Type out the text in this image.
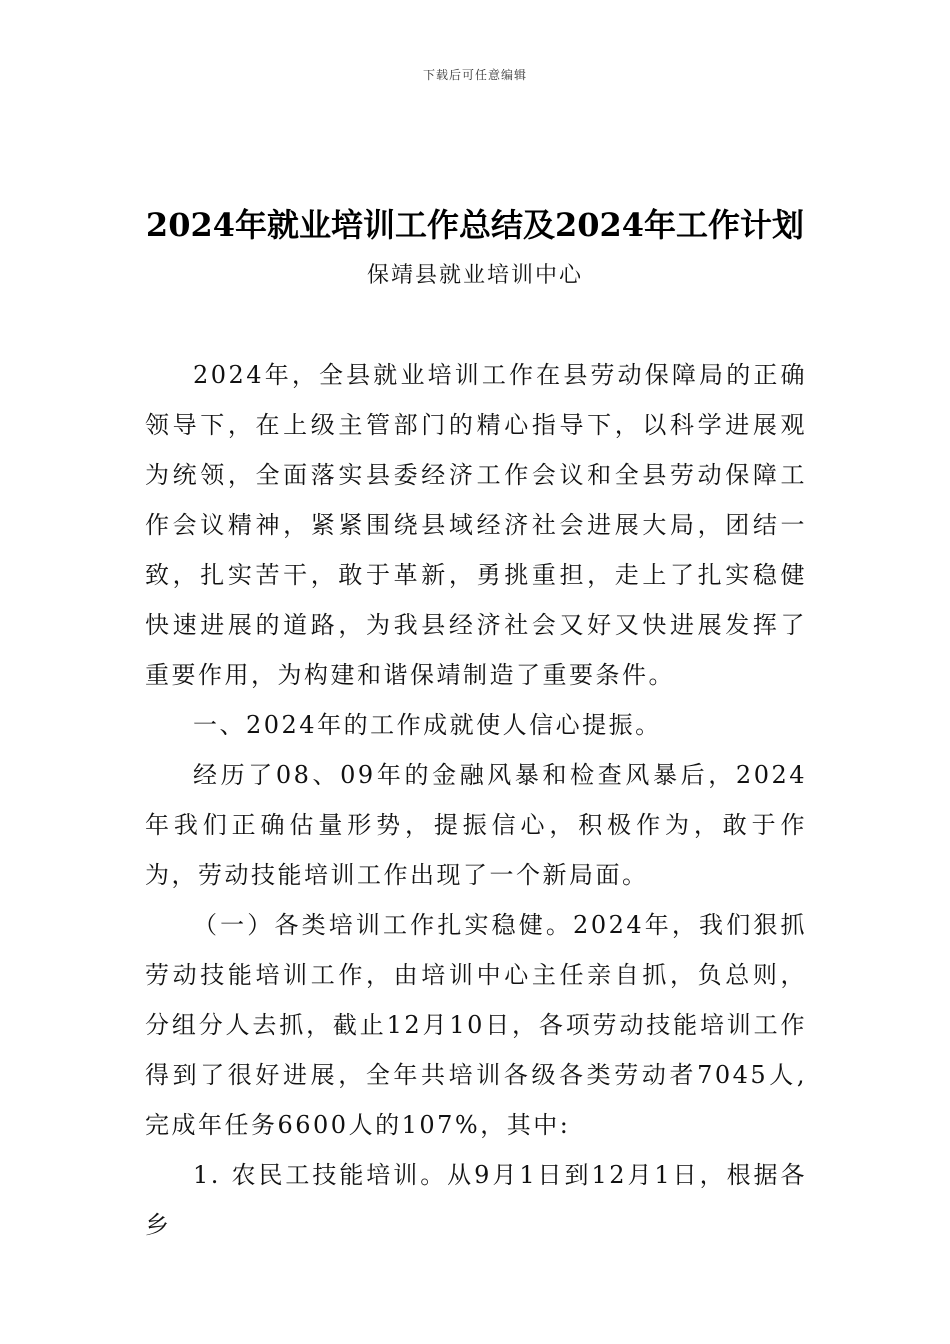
下载后可任意编辑
2024年就业培训工作总结及2024年工作计划
保靖县就业培训中心

2024年，全县就业培训工作在县劳动保障局的正确领导下，在上级主管部门的精心指导下，以科学进展观为统领，全面落实县委经济工作会议和全县劳动保障工作会议精神，紧紧围绕县域经济社会进展大局，团结一致，扎实苦干，敢于革新，勇挑重担，走上了扎实稳健快速进展的道路，为我县经济社会又好又快进展发挥了重要作用，为构建和谐保靖制造了重要条件。

一、2024年的工作成就使人信心提振。

经历了08、09年的金融风暴和检查风暴后，2024年我们正确估量形势，提振信心，积极作为，敢于作为，劳动技能培训工作出现了一个新局面。

（一）各类培训工作扎实稳健。2024年，我们狠抓劳动技能培训工作，由培训中心主任亲自抓，负总则，分组分人去抓，截止12月10日，各项劳动技能培训工作得到了很好进展，全年共培训各级各类劳动者7045人,完成年任务6600人的107%，其中:

1. 农民工技能培训。从9月1日到12月1日，根据各乡
